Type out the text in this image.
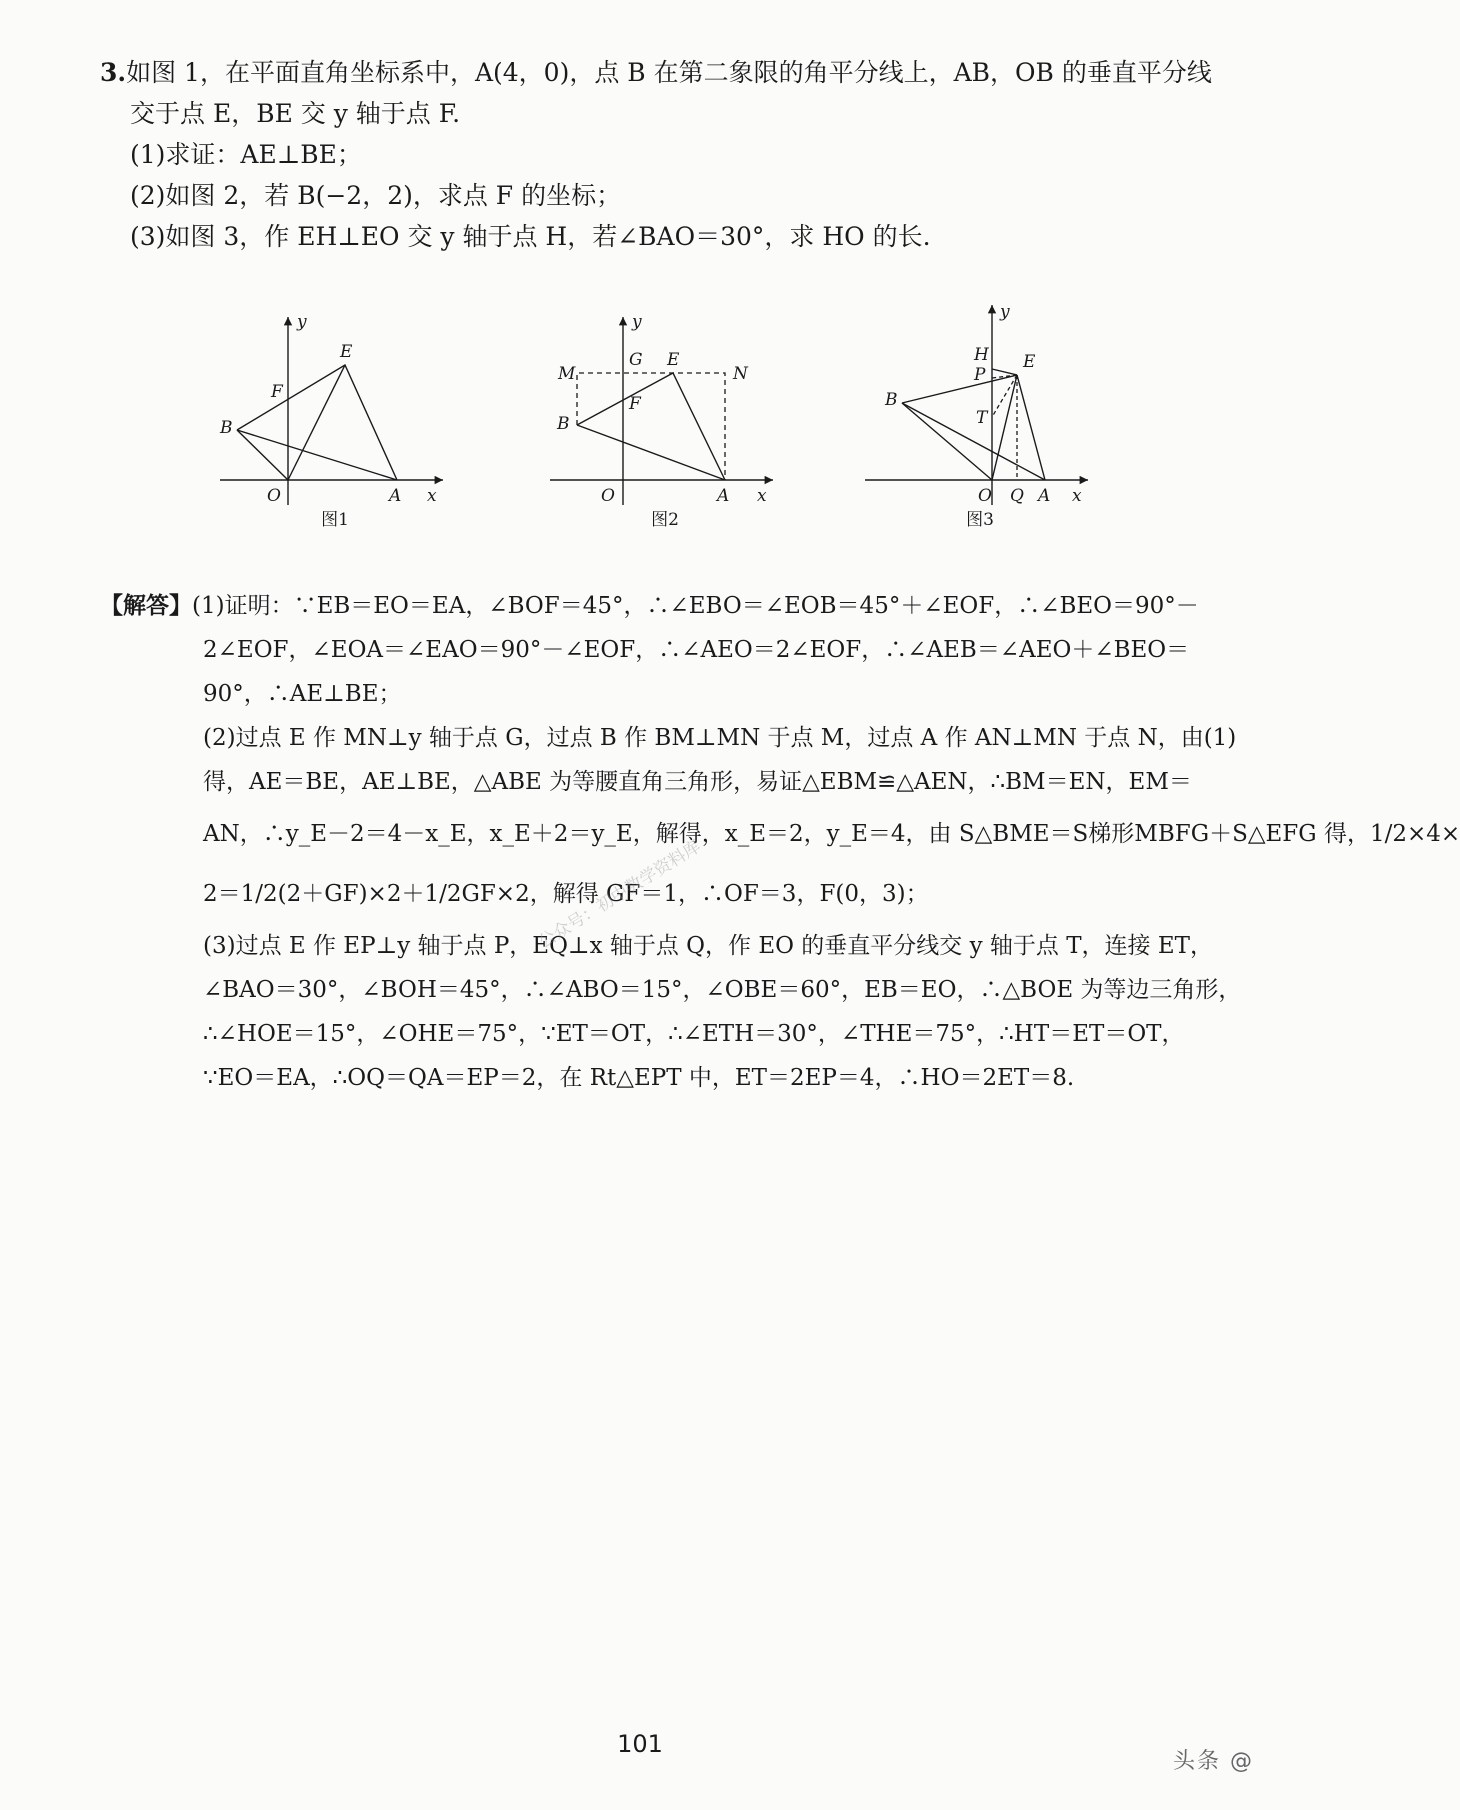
3.如图 1，在平面直角坐标系中，A(4，0)，点 B 在第二象限的角平分线上，AB，OB 的垂直平分线
交于点 E，BE 交 y 轴于点 F.
(1)求证：AE⊥BE；
(2)如图 2，若 B(−2，2)，求点 F 的坐标；
(3)如图 3，作 EH⊥EO 交 y 轴于点 H，若∠BAO＝30°，求 HO 的长.
y
x
O	A
B
E
F
图1
y
x
O	A
B
E
F
G
M	N
图2
y
x
O Q A
B
E
H
P
T
图3
【解答】(1)证明：∵EB＝EO＝EA，∠BOF＝45°，∴∠EBO＝∠EOB＝45°＋∠EOF，∴∠BEO＝90°－
2∠EOF，∠EOA＝∠EAO＝90°－∠EOF，∴∠AEO＝2∠EOF，∴∠AEB＝∠AEO＋∠BEO＝
90°，∴AE⊥BE；
(2)过点 E 作 MN⊥y 轴于点 G，过点 B 作 BM⊥MN 于点 M，过点 A 作 AN⊥MN 于点 N，由(1)
得，AE＝BE，AE⊥BE，△ABE 为等腰直角三角形，易证△EBM≌△AEN，∴BM＝EN，EM＝
AN，∴y_E－2＝4－x_E，x_E＋2＝y_E，解得，x_E＝2，y_E＝4，由 S△BME＝S梯形MBFG＋S△EFG 得，1/2×4×
2＝1/2(2＋GF)×2＋1/2GF×2，解得 GF＝1，∴OF＝3，F(0，3)；
(3)过点 E 作 EP⊥y 轴于点 P，EQ⊥x 轴于点 Q，作 EO 的垂直平分线交 y 轴于点 T，连接 ET，
∠BAO＝30°，∠BOH＝45°，∴∠ABO＝15°，∠OBE＝60°，EB＝EO，∴△BOE 为等边三角形，
∴∠HOE＝15°，∠OHE＝75°，∵ET＝OT，∴∠ETH＝30°，∠THE＝75°，∴HT＝ET＝OT，
∵EO＝EA，∴OQ＝QA＝EP＝2，在 Rt△EPT 中，ET＝2EP＝4，∴HO＝2ET＝8.
公众号：初中数学资料库
101
头条 @
